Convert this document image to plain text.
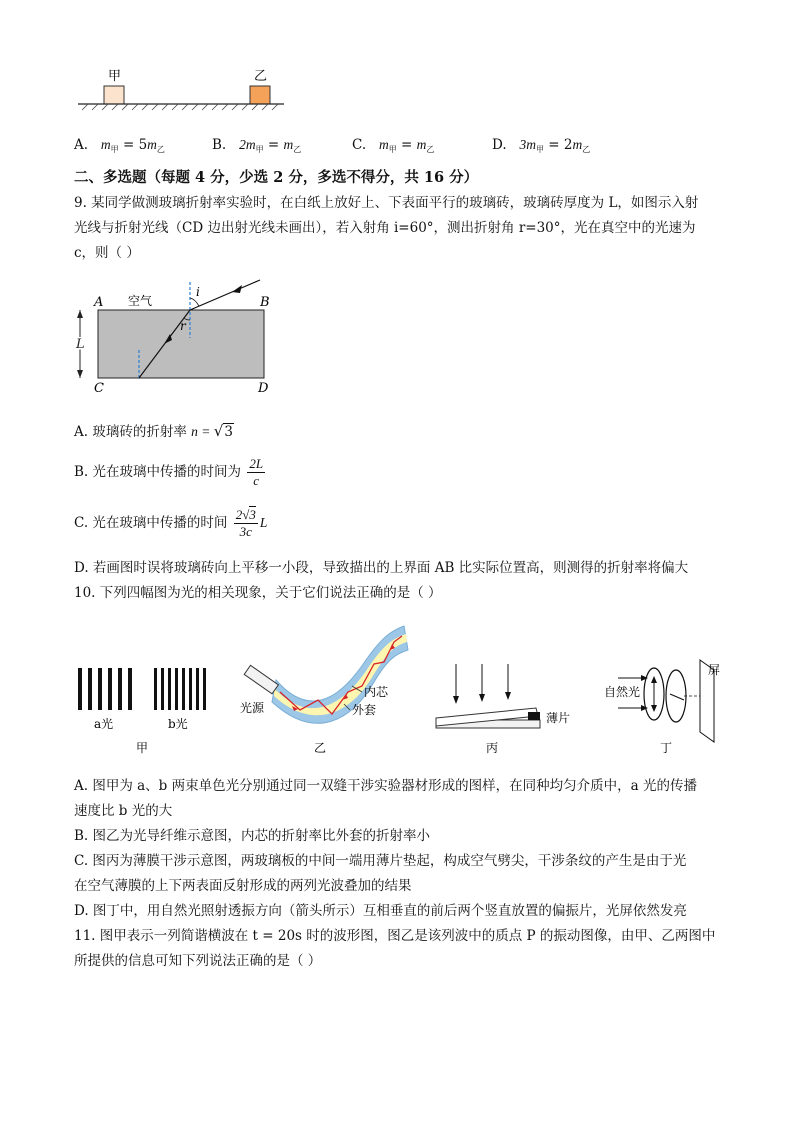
甲	乙
A. $m_甲 = 5m_乙$	B. $2m_甲 = m_乙$	C. $m_甲 = m_乙$	D. $3m_甲 = 2m_乙$
二、多选题（每题 4 分，少选 2 分，多选不得分，共 16 分）
9. 某同学做测玻璃折射率实验时，在白纸上放好上、下表面平行的玻璃砖，玻璃砖厚度为 L，如图示入射
光线与折射光线（CD 边出射光线未画出），若入射角 i=60°，测出折射角 r=30°，光在真空中的光速为
c，则（ ）
A	B
C	D
空气
L
i
r
A. 玻璃砖的折射率 n = √3
B. 光在玻璃中传播的时间为 $\frac{2L}{c}$
C. 光在玻璃中传播的时间 $\frac{2√3}{3c}$ L
D. 若画图时误将玻璃砖向上平移一小段，导致描出的上界面 AB 比实际位置高，则测得的折射率将偏大
10. 下列四幅图为光的相关现象，关于它们说法正确的是（ ）
a光	b光
甲
光源
内芯
外套
乙
薄片
丙
自然光
屏
丁
A. 图甲为 a、b 两束单色光分别通过同一双缝干涉实验器材形成的图样，在同种均匀介质中，a 光的传播
速度比 b 光的大
B. 图乙为光导纤维示意图，内芯的折射率比外套的折射率小
C. 图丙为薄膜干涉示意图，两玻璃板的中间一端用薄片垫起，构成空气劈尖，干涉条纹的产生是由于光
在空气薄膜的上下两表面反射形成的两列光波叠加的结果
D. 图丁中，用自然光照射透振方向（箭头所示）互相垂直的前后两个竖直放置的偏振片，光屏依然发亮
11. 图甲表示一列简谐横波在 t = 20s 时的波形图，图乙是该列波中的质点 P 的振动图像，由甲、乙两图中
所提供的信息可知下列说法正确的是（ ）
